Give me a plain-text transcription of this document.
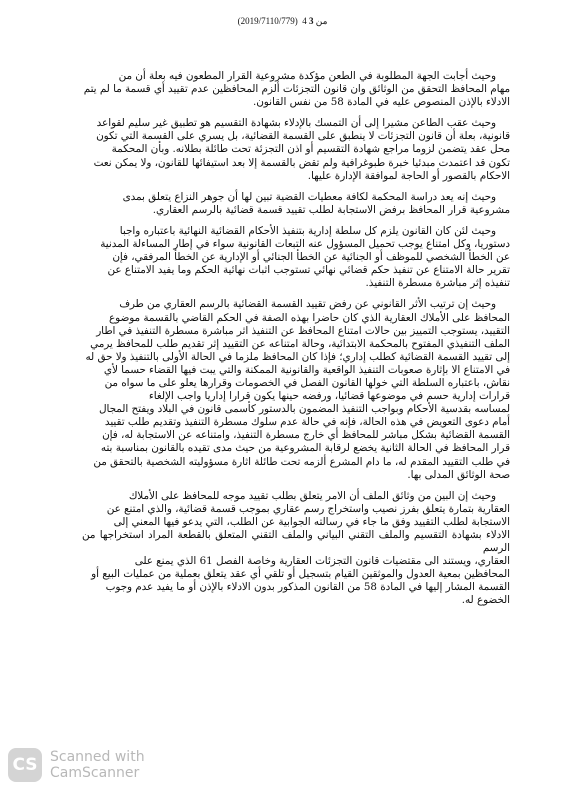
(2019/7110/779) من 4 3

وحيث أجابت الجهة المطلوبة في الطعن مؤكدة مشروعية القرار المطعون فيه بعلة أن من
مهام المحافظ التحقق من الوثائق وان قانون التجزئات ألزم المحافظين عدم تقييد أي قسمة ما لم يتم
الادلاء بالإذن المنصوص عليه في المادة 58 من نفس القانون.

وحيث عقب الطاعن مشيرا إلى أن التمسك بالإدلاء بشهادة التقسيم هو تطبيق غير سليم لقواعد
قانونية، بعلة أن قانون التجزئات لا ينطبق على القسمة القضائية، بل يسري على القسمة التي تكون
محل عقد يتضمن لزوما مراجع شهادة التقسيم أو اذن التجزئة تحت طائلة بطلانه. وبأن المحكمة
تكون قد اعتمدت مبدئيا خبرة طبوغرافية ولم تقض بالقسمة إلا بعد استيفائها للقانون، ولا يمكن نعت
الاحكام بالقصور أو الحاجة لموافقة الإدارة عليها.

وحيث إنه يعد دراسة المحكمة لكافة معطيات القضية تبين لها أن جوهر النزاع يتعلق بمدى
مشروعية قرار المحافظ برفض الاستجابة لطلب تقييد قسمة قضائية بالرسم العقاري.

وحيث لئن كان القانون يلزم كل سلطة إدارية بتنفيذ الأحكام القضائية النهائية باعتباره واجبا
دستوريا، وكل امتناع يوجب تحميل المسؤول عنه التبعات القانونية سواء في إطار المساءلة المدنية
عن الخطأ الشخصي للموظف أو الجنائية عن الخطأ الجنائي أو الإدارية عن الخطأ المرفقي، فإن
تقرير حالة الامتناع عن تنفيذ حكم قضائي نهائي تستوجب اثبات نهائية الحكم وما يفيد الامتناع عن
تنفيذه إثر مباشرة مسطرة التنفيذ.

وحيث إن ترتيب الأثر القانوني عن رفض تقييد القسمة القضائية بالرسم العقاري من طرف
المحافظ على الأملاك العقارية الذي كان حاضرا بهذه الصفة في الحكم القاضي بالقسمة موضوع
التقييد، يستوجب التمييز بين حالات امتناع المحافظ عن التنفيذ اثر مباشرة مسطرة التنفيذ في اطار
الملف التنفيذي المفتوح بالمحكمة الابتدائية، وحالة امتناعه عن التقييد إثر تقديم طلب للمحافظ يرمي
إلى تقييد القسمة القضائية كطلب إداري؛ فإذا كان المحافظ ملزما في الحالة الأولى بالتنفيذ ولا حق له
في الامتناع الا بإثارة صعوبات التنفيذ الواقعية والقانونية الممكنة والتي يبت فيها القضاء حسما لأي
نقاش، باعتباره السلطة التي خولها القانون الفصل في الخصومات وقرارها يعلو على ما سواه من
قرارات إدارية حسم في موضوعها قضائيا، ورفضه حينها يكون قرارا إداريا واجب الإلغاء
لمساسه بقدسية الأحكام وبواجب التنفيذ المضمون بالدستور كأسمى قانون في البلاد ويفتح المجال
أمام دعوى التعويض في هذه الحالة، فإنه في حالة عدم سلوك مسطرة التنفيذ وتقديم طلب تقييد
القسمة القضائية بشكل مباشر للمحافظ أي خارج مسطرة التنفيذ، وامتناعه عن الاستجابة له، فإن
قرار المحافظ في الحالة الثانية يخضع لرقابة المشروعية من حيث مدى تقيده بالقانون بمناسبة بته
في طلب التقييد المقدم له، ما دام المشرع ألزمه تحت طائلة اثارة مسؤوليته الشخصية بالتحقق من
صحة الوثائق المدلى بها.

وحيث إن البين من وثائق الملف أن الامر يتعلق بطلب تقييد موجه للمحافظ على الأملاك
العقارية بتمارة يتعلق بفرز نصيب واستخراج رسم عقاري بموجب قسمة قضائية، والذي امتنع عن
الاستجابة لطلب التقييد وفق ما جاء في رسالته الجوابية عن الطلب، التي يدعو فيها المعني إلى
الادلاء بشهادة التقسيم والملف التقني البياني والملف التقني المتعلق بالقطعة المراد استخراجها من الرسم
العقاري، ويستند الى مقتضيات قانون التجزئات العقارية وخاصة الفصل 61 الذي يمنع على
المحافظين بمعية العدول والموثقين القيام بتسجيل أو تلقي أي عقد يتعلق بعملية من عمليات البيع أو
القسمة المشار إليها في المادة 58 من القانون المذكور بدون الادلاء بالإذن أو ما يفيد عدم وجوب
الخضوع له.

CS Scanned with
CamScanner
